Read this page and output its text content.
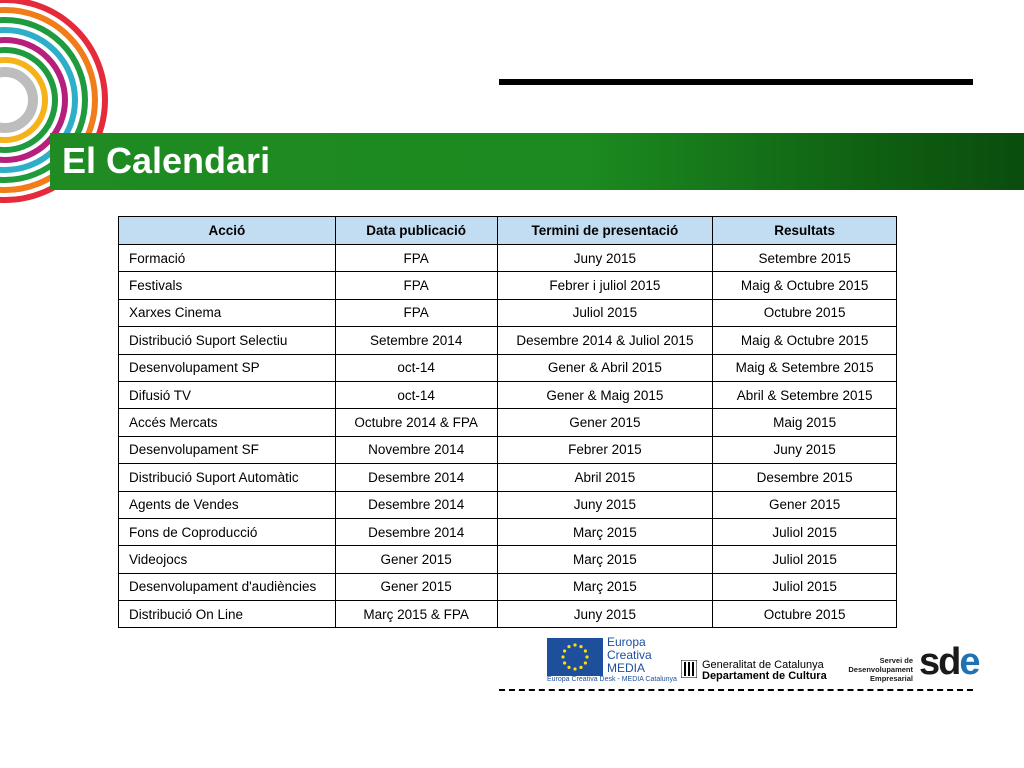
El Calendari
Acció	Data publicació	Termini de presentació	Resultats
Formació	FPA	Juny 2015	Setembre 2015
Festivals	FPA	Febrer i juliol 2015	Maig & Octubre 2015
Xarxes Cinema	FPA	Juliol 2015	Octubre 2015
Distribució Suport Selectiu	Setembre 2014	Desembre 2014 & Juliol 2015	Maig & Octubre 2015
Desenvolupament SP	oct-14	Gener & Abril 2015	Maig & Setembre 2015
Difusió TV	oct-14	Gener & Maig 2015	Abril & Setembre 2015
Accés Mercats	Octubre 2014 & FPA	Gener 2015	Maig 2015
Desenvolupament SF	Novembre 2014	Febrer 2015	Juny 2015
Distribució Suport Automàtic	Desembre 2014	Abril 2015	Desembre 2015
Agents de Vendes	Desembre 2014	Juny 2015	Gener 2015
Fons de Coproducció	Desembre 2014	Març 2015	Juliol 2015
Videojocs	Gener 2015	Març 2015	Juliol 2015
Desenvolupament d'audiències	Gener 2015	Març 2015	Juliol 2015
Distribució On Line	Març 2015 & FPA	Juny 2015	Octubre 2015
Europa
Creativa
MEDIA
Europa Creativa Desk - MEDIA Catalunya
Generalitat de Catalunya
Departament de Cultura
Servei de
Desenvolupament
Empresarial sde
